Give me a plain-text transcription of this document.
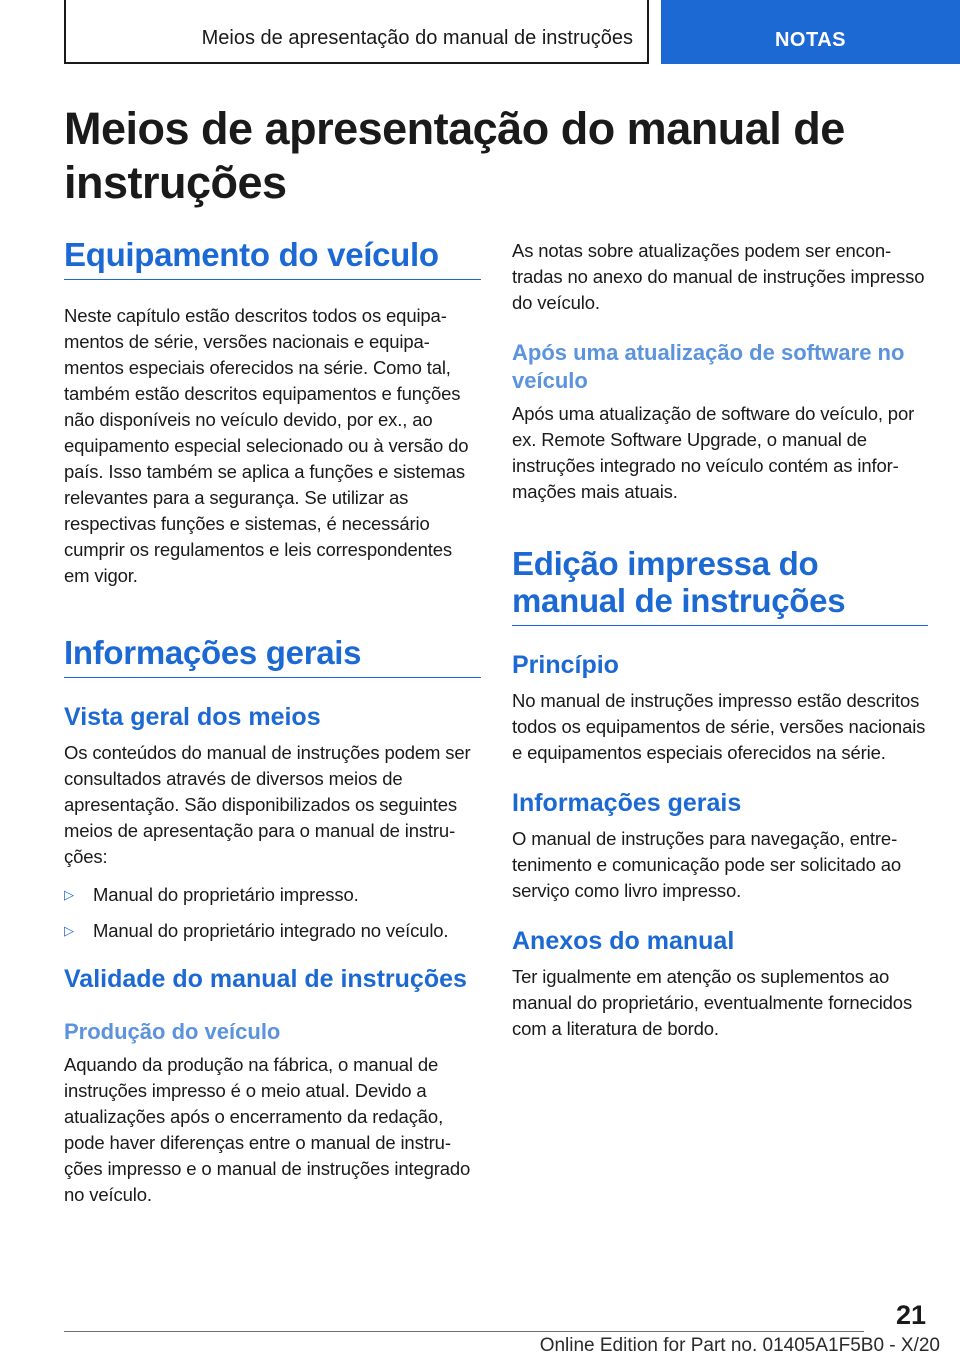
Meios de apresentação do manual de instruções	NOTAS
Meios de apresentação do manual de instruções
Equipamento do veículo

Neste capítulo estão descritos todos os equipamentos de série, versões nacionais e equipamentos especiais oferecidos na série. Como tal, também estão descritos equipamentos e funções não disponíveis no veículo devido, por ex., ao equipamento especial selecionado ou à versão do país. Isso também se aplica a funções e sistemas relevantes para a segurança. Se utilizar as respectivas funções e sistemas, é necessário cumprir os regulamentos e leis correspondentes em vigor.

Informações gerais
Vista geral dos meios

Os conteúdos do manual de instruções podem ser consultados através de diversos meios de apresentação. São disponibilizados os seguintes meios de apresentação para o manual de instruções:

▷	Manual do proprietário impresso.
▷	Manual do proprietário integrado no veículo.
Validade do manual de instruções
Produção do veículo

Aquando da produção na fábrica, o manual de instruções impresso é o meio atual. Devido a atualizações após o encerramento da redação, pode haver diferenças entre o manual de instruções impresso e o manual de instruções integrado no veículo.

As notas sobre atualizações podem ser encontradas no anexo do manual de instruções impresso do veículo.

Após uma atualização de software no veículo

Após uma atualização de software do veículo, por ex. Remote Software Upgrade, o manual de instruções integrado no veículo contém as informações mais atuais.

Edição impressa do manual de instruções
Princípio

No manual de instruções impresso estão descritos todos os equipamentos de série, versões nacionais e equipamentos especiais oferecidos na série.

Informações gerais

O manual de instruções para navegação, entretenimento e comunicação pode ser solicitado ao serviço como livro impresso.

Anexos do manual

Ter igualmente em atenção os suplementos ao manual do proprietário, eventualmente fornecidos com a literatura de bordo.

21
Online Edition for Part no. 01405A1F5B0 - X/20
